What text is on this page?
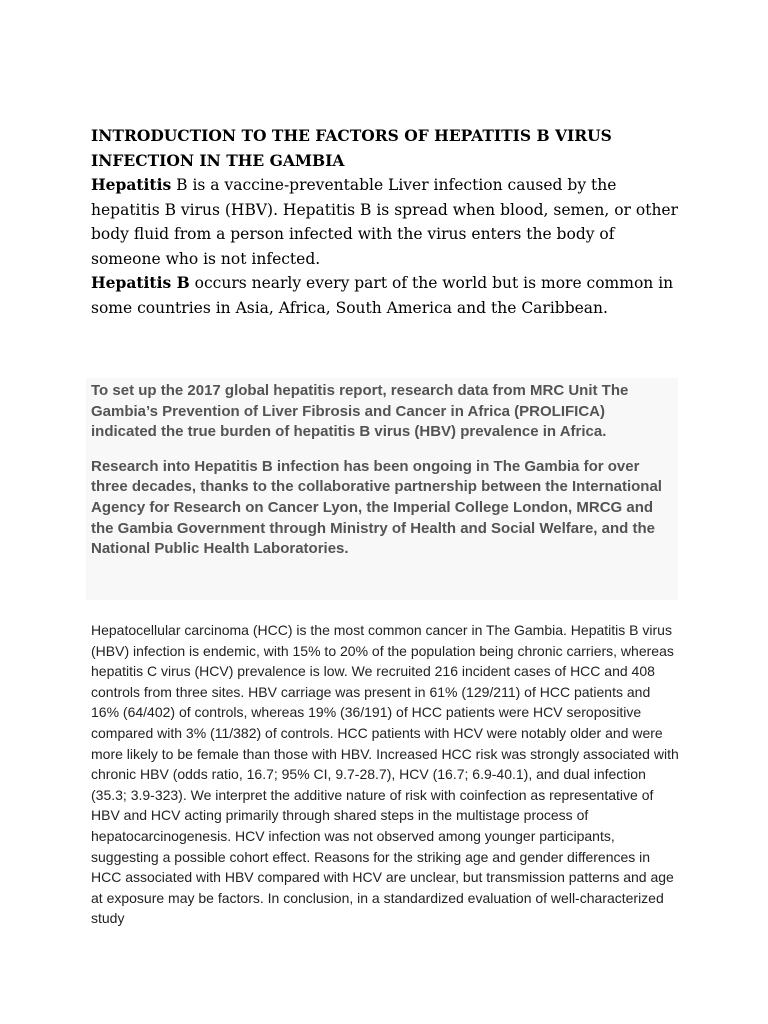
INTRODUCTION TO THE FACTORS OF HEPATITIS B VIRUS INFECTION IN THE GAMBIA

Hepatitis B is a vaccine-preventable Liver infection caused by the hepatitis B virus (HBV). Hepatitis B is spread when blood, semen, or other body fluid from a person infected with the virus enters the body of someone who is not infected.

Hepatitis B occurs nearly every part of the world but is more common in some countries in Asia, Africa, South America and the Caribbean.

To set up the 2017 global hepatitis report, research data from MRC Unit The Gambia’s Prevention of Liver Fibrosis and Cancer in Africa (PROLIFICA) indicated the true burden of hepatitis B virus (HBV) prevalence in Africa.

Research into Hepatitis B infection has been ongoing in The Gambia for over three decades, thanks to the collaborative partnership between the International Agency for Research on Cancer Lyon, the Imperial College London, MRCG and the Gambia Government through Ministry of Health and Social Welfare, and the National Public Health Laboratories.

Hepatocellular carcinoma (HCC) is the most common cancer in The Gambia. Hepatitis B virus (HBV) infection is endemic, with 15% to 20% of the population being chronic carriers, whereas hepatitis C virus (HCV) prevalence is low. We recruited 216 incident cases of HCC and 408 controls from three sites. HBV carriage was present in 61% (129/211) of HCC patients and 16% (64/402) of controls, whereas 19% (36/191) of HCC patients were HCV seropositive compared with 3% (11/382) of controls. HCC patients with HCV were notably older and were more likely to be female than those with HBV. Increased HCC risk was strongly associated with chronic HBV (odds ratio, 16.7; 95% CI, 9.7-28.7), HCV (16.7; 6.9-40.1), and dual infection (35.3; 3.9-323). We interpret the additive nature of risk with coinfection as representative of HBV and HCV acting primarily through shared steps in the multistage process of hepatocarcinogenesis. HCV infection was not observed among younger participants, suggesting a possible cohort effect. Reasons for the striking age and gender differences in HCC associated with HBV compared with HCV are unclear, but transmission patterns and age at exposure may be factors. In conclusion, in a standardized evaluation of well-characterized study
